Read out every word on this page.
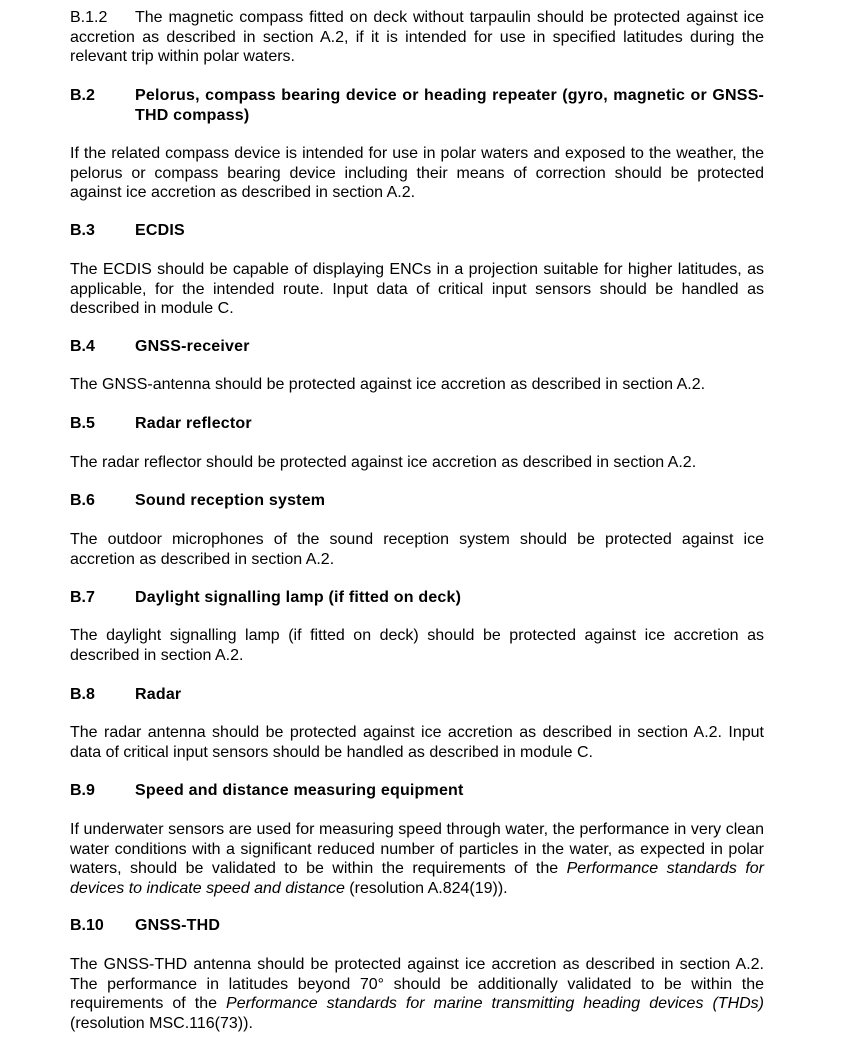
B.1.2 The magnetic compass fitted on deck without tarpaulin should be protected against ice accretion as described in section A.2, if it is intended for use in specified latitudes during the relevant trip within polar waters.

B.2	Pelorus, compass bearing device or heading repeater (gyro, magnetic or GNSS-THD compass)

If the related compass device is intended for use in polar waters and exposed to the weather, the pelorus or compass bearing device including their means of correction should be protected against ice accretion as described in section A.2.

B.3	ECDIS

The ECDIS should be capable of displaying ENCs in a projection suitable for higher latitudes, as applicable, for the intended route. Input data of critical input sensors should be handled as described in module C.

B.4	GNSS-receiver

The GNSS-antenna should be protected against ice accretion as described in section A.2.

B.5	Radar reflector

The radar reflector should be protected against ice accretion as described in section A.2.

B.6	Sound reception system

The outdoor microphones of the sound reception system should be protected against ice accretion as described in section A.2.

B.7	Daylight signalling lamp (if fitted on deck)

The daylight signalling lamp (if fitted on deck) should be protected against ice accretion as described in section A.2.

B.8	Radar

The radar antenna should be protected against ice accretion as described in section A.2. Input data of critical input sensors should be handled as described in module C.

B.9	Speed and distance measuring equipment

If underwater sensors are used for measuring speed through water, the performance in very clean water conditions with a significant reduced number of particles in the water, as expected in polar waters, should be validated to be within the requirements of the Performance standards for devices to indicate speed and distance (resolution A.824(19)).

B.10	GNSS-THD

The GNSS-THD antenna should be protected against ice accretion as described in section A.2. The performance in latitudes beyond 70° should be additionally validated to be within the requirements of the Performance standards for marine transmitting heading devices (THDs) (resolution MSC.116(73)).
